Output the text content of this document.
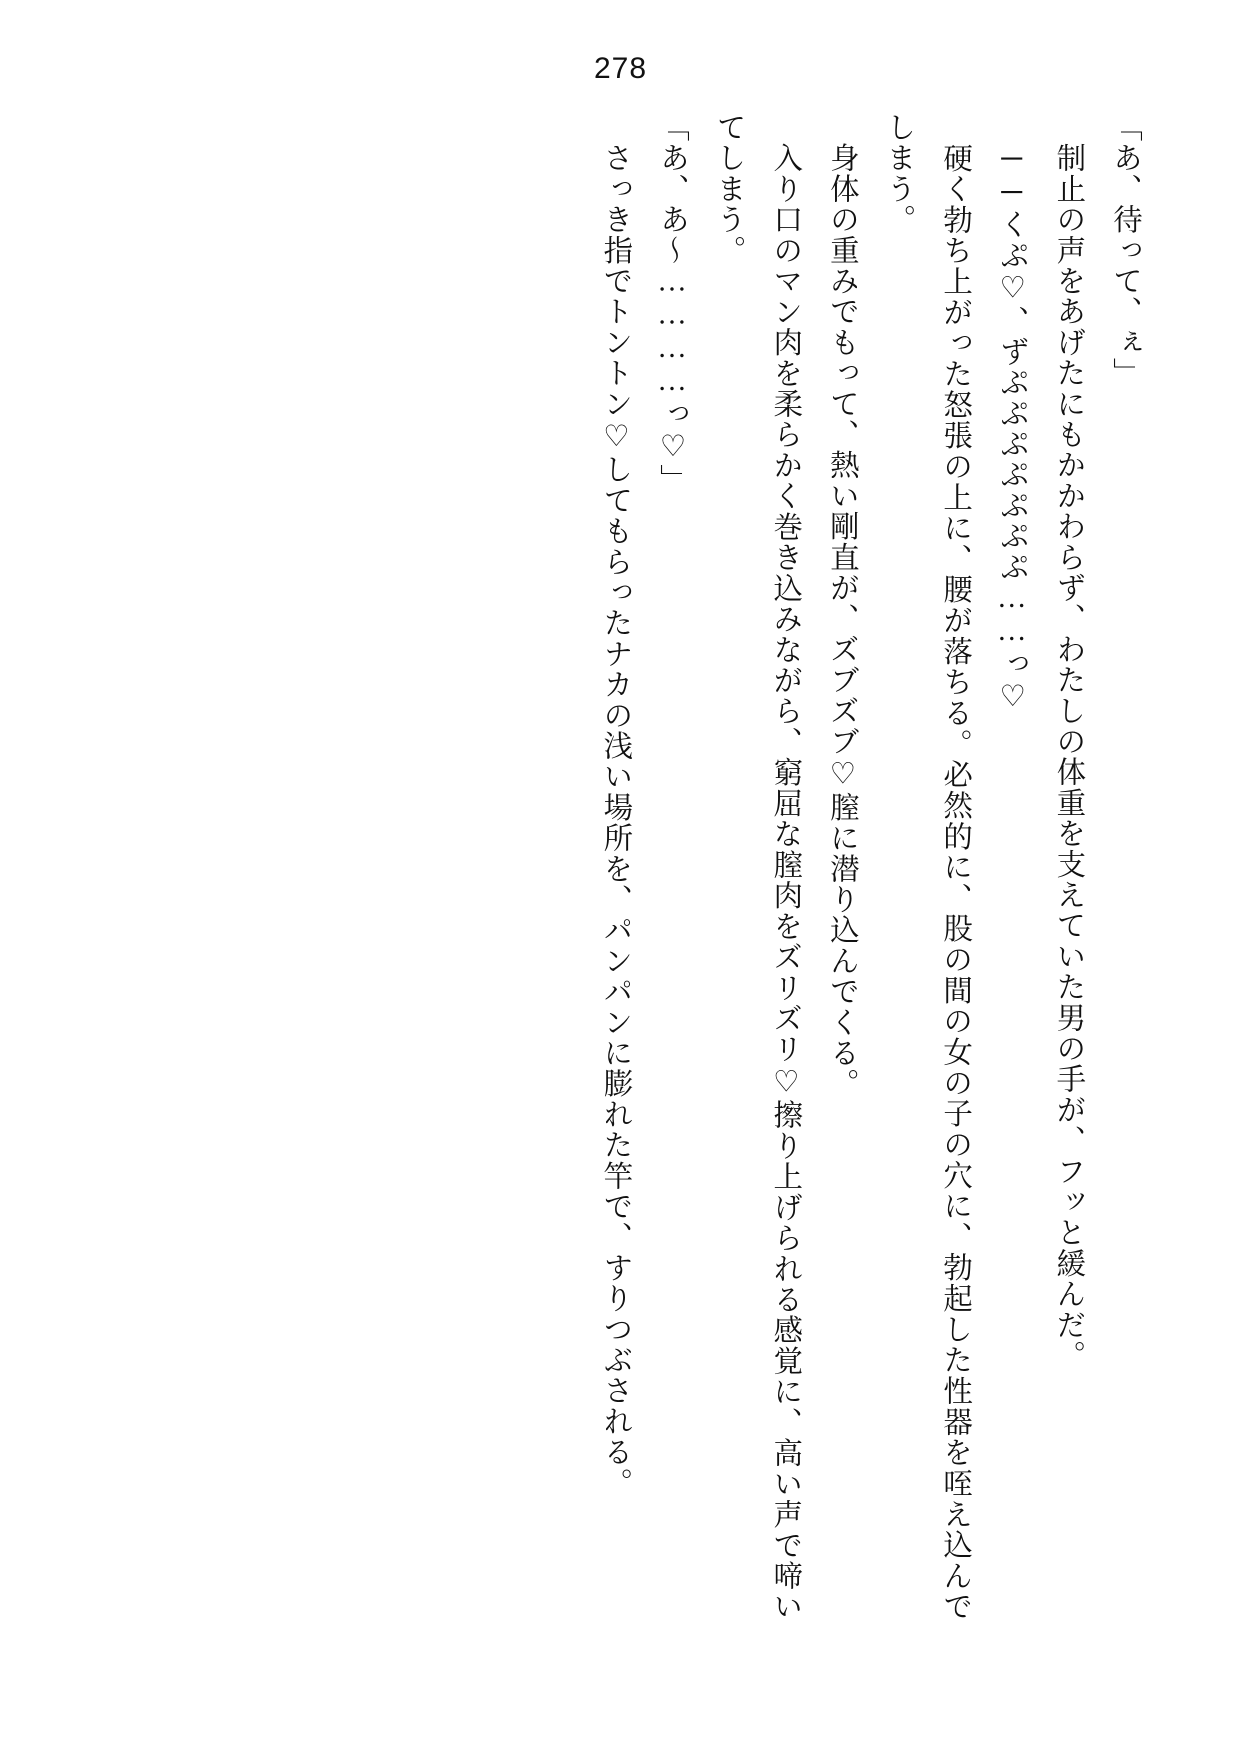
278

「あ、待って、ぇ」

　制止の声をあげたにもかかわらず、わたしの体重を支えていた男の手が、フッと緩んだ。

　──くぷ♡、ずぷぷぷぷぷぷぷ……っ♡

　硬く勃ち上がった怒張の上に、腰が落ちる。必然的に、股の間の女の子の穴に、勃起した性器を咥え込んでしまう。

　身体の重みでもって、熱い剛直が、ズブズブ♡膣に潜り込んでくる。

　入り口のマン肉を柔らかく巻き込みながら、窮屈な膣肉をズリズリ♡擦り上げられる感覚に、高い声で啼いてしまう。

「あ、あ～…………っ♡」

　さっき指でトントン♡してもらったナカの浅い場所を、パンパンに膨れた竿で、すりつぶされる。
